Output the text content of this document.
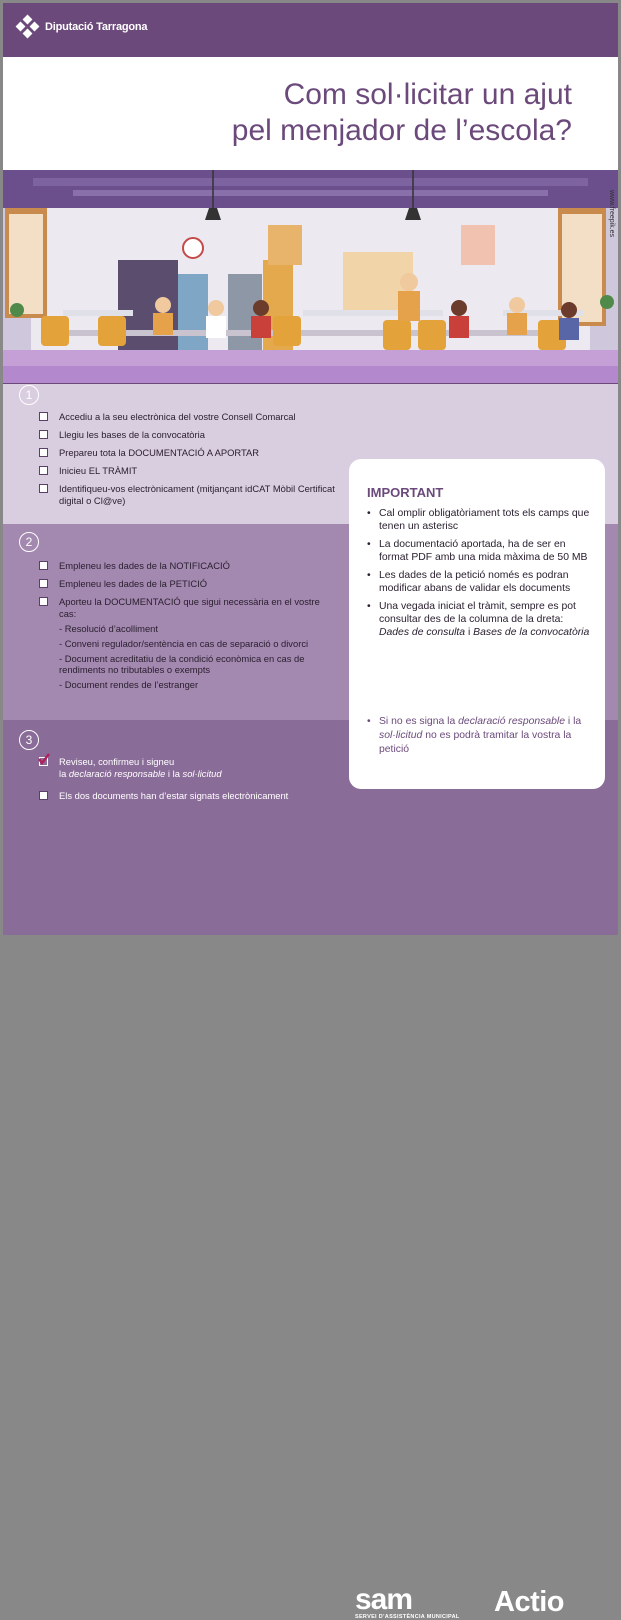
Diputació Tarragona
Com sol·licitar un ajut
pel menjador de l’escola?
www.freepik.es
1
Accediu a la seu electrònica del vostre Consell Comarcal
Llegiu les bases de la convocatòria
Prepareu tota la DOCUMENTACIÓ A APORTAR
Inicieu EL TRÀMIT
Identifiqueu-vos electrònicament (mitjançant idCAT Mòbil Certificat digital o Cl@ve)
2
Empleneu les dades de la NOTIFICACIÓ
Empleneu les dades de la PETICIÓ
Aporteu la DOCUMENTACIÓ que sigui necessària en el vostre cas:
- Resolució d’acolliment
- Conveni regulador/sentència en cas de separació o divorci
- Document acreditatiu de la condició econòmica en cas de rendiments no tributables o exempts
- Document rendes de l’estranger
3
Reviseu, confirmeu i signeu
la declaració responsable i la sol·licitud
Els dos documents han d’estar signats electrònicament
sam
SERVEI D’ASSISTÈNCIA MUNICIPAL Actio
IMPORTANT
• Cal omplir obligatòriament tots els camps que tenen un asterisc
• La documentació aportada, ha de ser en format PDF amb una mida màxima de 50 MB
• Les dades de la petició només es podran modificar abans de validar els documents
• Una vegada iniciat el tràmit, sempre es pot consultar des de la columna de la dreta: Dades de consulta i Bases de la convocatòria
• Si no es signa la declaració responsable i la sol·licitud no es podrà tramitar la vostra la petició
